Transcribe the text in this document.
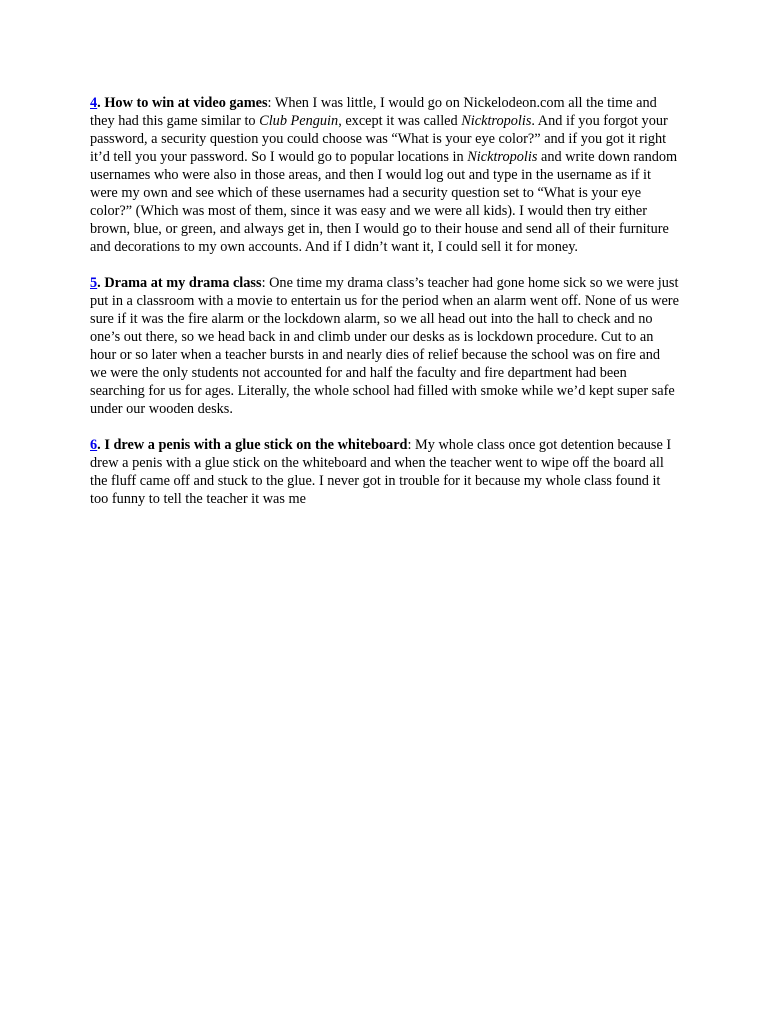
4. How to win at video games: When I was little, I would go on Nickelodeon.com all the time and they had this game similar to Club Penguin, except it was called Nicktropolis. And if you forgot your password, a security question you could choose was “What is your eye color?” and if you got it right it’d tell you your password. So I would go to popular locations in Nicktropolis and write down random usernames who were also in those areas, and then I would log out and type in the username as if it were my own and see which of these usernames had a security question set to “What is your eye color?” (Which was most of them, since it was easy and we were all kids). I would then try either brown, blue, or green, and always get in, then I would go to their house and send all of their furniture and decorations to my own accounts. And if I didn’t want it, I could sell it for money.

5. Drama at my drama class: One time my drama class’s teacher had gone home sick so we were just put in a classroom with a movie to entertain us for the period when an alarm went off. None of us were sure if it was the fire alarm or the lockdown alarm, so we all head out into the hall to check and no one’s out there, so we head back in and climb under our desks as is lockdown procedure. Cut to an hour or so later when a teacher bursts in and nearly dies of relief because the school was on fire and we were the only students not accounted for and half the faculty and fire department had been searching for us for ages. Literally, the whole school had filled with smoke while we’d kept super safe under our wooden desks.

6. I drew a penis with a glue stick on the whiteboard: My whole class once got detention because I drew a penis with a glue stick on the whiteboard and when the teacher went to wipe off the board all the fluff came off and stuck to the glue. I never got in trouble for it because my whole class found it too funny to tell the teacher it was me
